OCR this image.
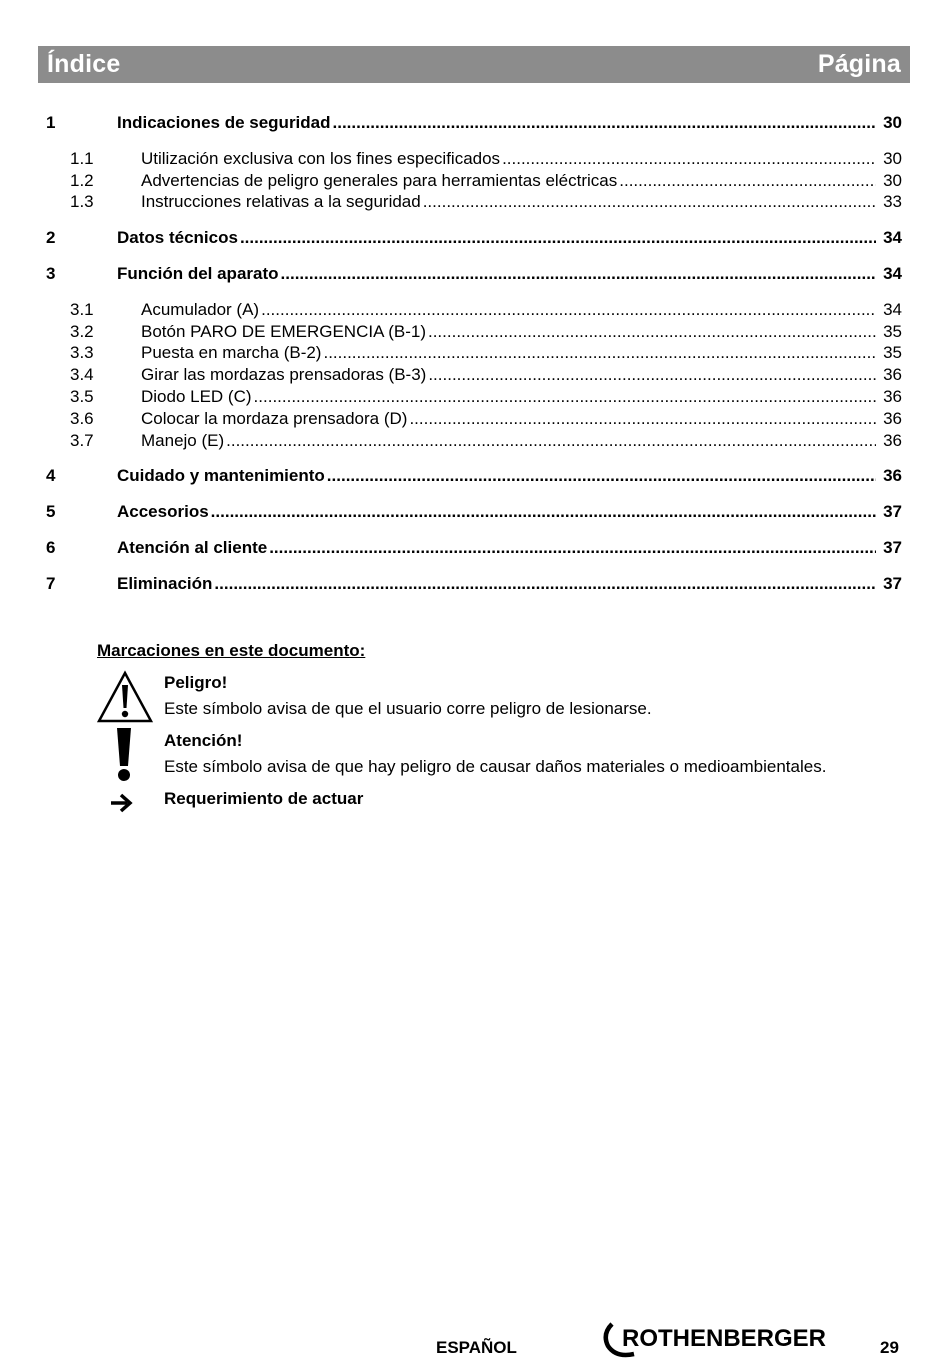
Índice	Página
1	Indicaciones de seguridad .....	30
1.1	Utilización exclusiva con los fines especificados .....	30
1.2	Advertencias de peligro generales para herramientas eléctricas .....	30
1.3	Instrucciones relativas a la seguridad .....	33
2	Datos técnicos .....	34
3	Función del aparato .....	34
3.1	Acumulador (A) .....	34
3.2	Botón PARO DE EMERGENCIA (B-1) .....	35
3.3	Puesta en marcha (B-2) .....	35
3.4	Girar las mordazas prensadoras (B-3) .....	36
3.5	Diodo LED (C) .....	36
3.6	Colocar la mordaza prensadora (D) .....	36
3.7	Manejo (E) .....	36
4	Cuidado y mantenimiento .....	36
5	Accesorios .....	37
6	Atención al cliente .....	37
7	Eliminación .....	37
Marcaciones en este documento:
Peligro!
Este símbolo avisa de que el usuario corre peligro de lesionarse.
Atención!
Este símbolo avisa de que hay peligro de causar daños materiales o medioambientales.
Requerimiento de actuar
ESPAÑOL	ROTHENBERGER	29
